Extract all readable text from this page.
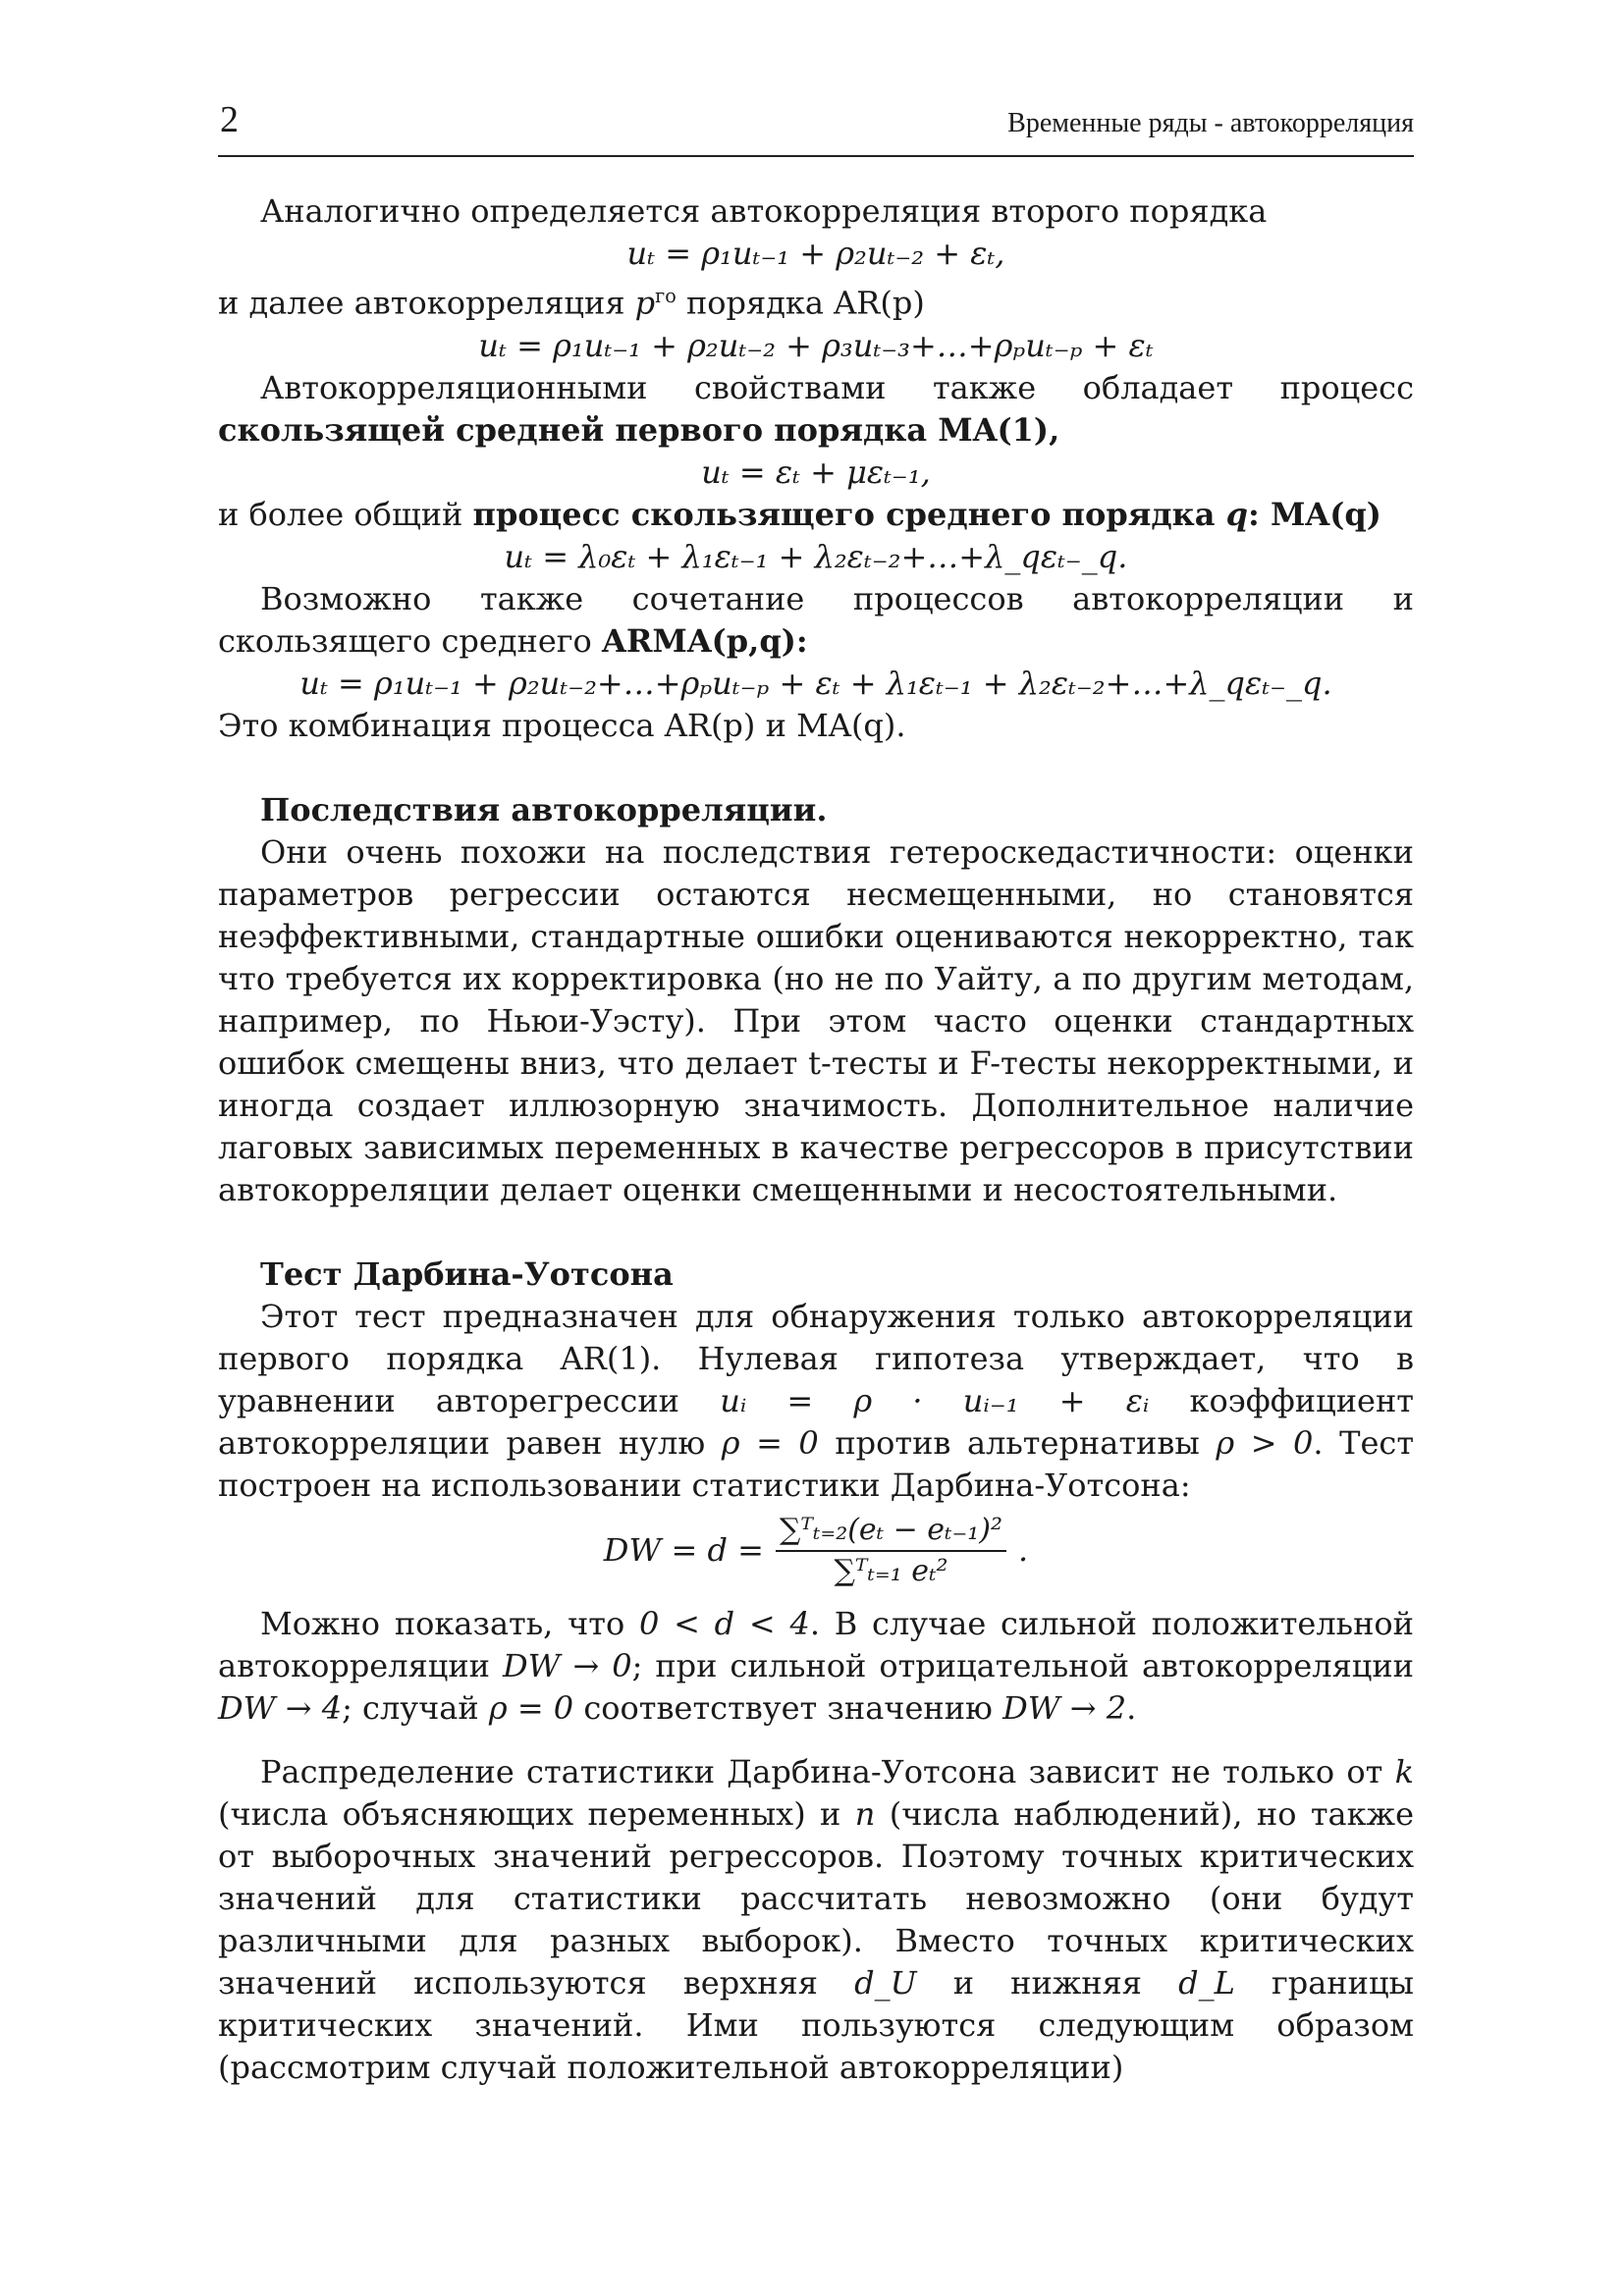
2	Временные ряды - автокорреляция

Аналогично определяется автокорреляция второго порядка

uₜ = ρ₁uₜ₋₁ + ρ₂uₜ₋₂ + εₜ,

и далее автокорреляция $p^{го}$ порядка AR(p)

uₜ = ρ₁uₜ₋₁ + ρ₂uₜ₋₂ + ρ₃uₜ₋₃+…+ρₚuₜ₋ₚ + εₜ

Автокорреляционными свойствами также обладает процесс скользящей средней первого порядка MA(1),

uₜ = εₜ + μεₜ₋₁,

и более общий процесс скользящего среднего порядка q: MA(q)

uₜ = λ₀εₜ + λ₁εₜ₋₁ + λ₂εₜ₋₂+…+λ_qεₜ₋_q.

Возможно также сочетание процессов автокорреляции и скользящего среднего ARMA(p,q):

uₜ = ρ₁uₜ₋₁ + ρ₂uₜ₋₂+…+ρₚuₜ₋ₚ + εₜ + λ₁εₜ₋₁ + λ₂εₜ₋₂+…+λ_qεₜ₋_q.

Это комбинация процесса AR(p) и MA(q).

Последствия автокорреляции.

Они очень похожи на последствия гетероскедастичности: оценки параметров регрессии остаются несмещенными, но становятся неэффективными, стандартные ошибки оцениваются некорректно, так что требуется их корректировка (но не по Уайту, а по другим методам, например, по Ньюи-Уэсту). При этом часто оценки стандартных ошибок смещены вниз, что делает t-тесты и F-тесты некорректными, и иногда создает иллюзорную значимость. Дополнительное наличие лаговых зависимых переменных в качестве регрессоров в присутствии автокорреляции делает оценки смещенными и несостоятельными.

Тест Дарбина-Уотсона

Этот тест предназначен для обнаружения только автокорреляции первого порядка AR(1). Нулевая гипотеза утверждает, что в уравнении авторегрессии uᵢ = ρ · uᵢ₋₁ + εᵢ коэффициент автокорреляции равен нулю ρ = 0 против альтернативы ρ > 0. Тест построен на использовании статистики Дарбина-Уотсона:

DW = $d = \frac{\text{∑ᵀₜ₌₂(eₜ − eₜ₋₁)²}}{\text{∑ᵀₜ₌₁ eₜ²}}$ .

Можно показать, что 0 < d < 4. В случае сильной положительной автокорреляции DW → 0; при сильной отрицательной автокорреляции DW → 4; случай ρ = 0 соответствует значению DW → 2.

Распределение статистики Дарбина-Уотсона зависит не только от k (числа объясняющих переменных) и n (числа наблюдений), но также от выборочных значений регрессоров. Поэтому точных критических значений для статистики рассчитать невозможно (они будут различными для разных выборок). Вместо точных критических значений используются верхняя d_U и нижняя d_L границы критических значений. Ими пользуются следующим образом (рассмотрим случай положительной автокорреляции)
